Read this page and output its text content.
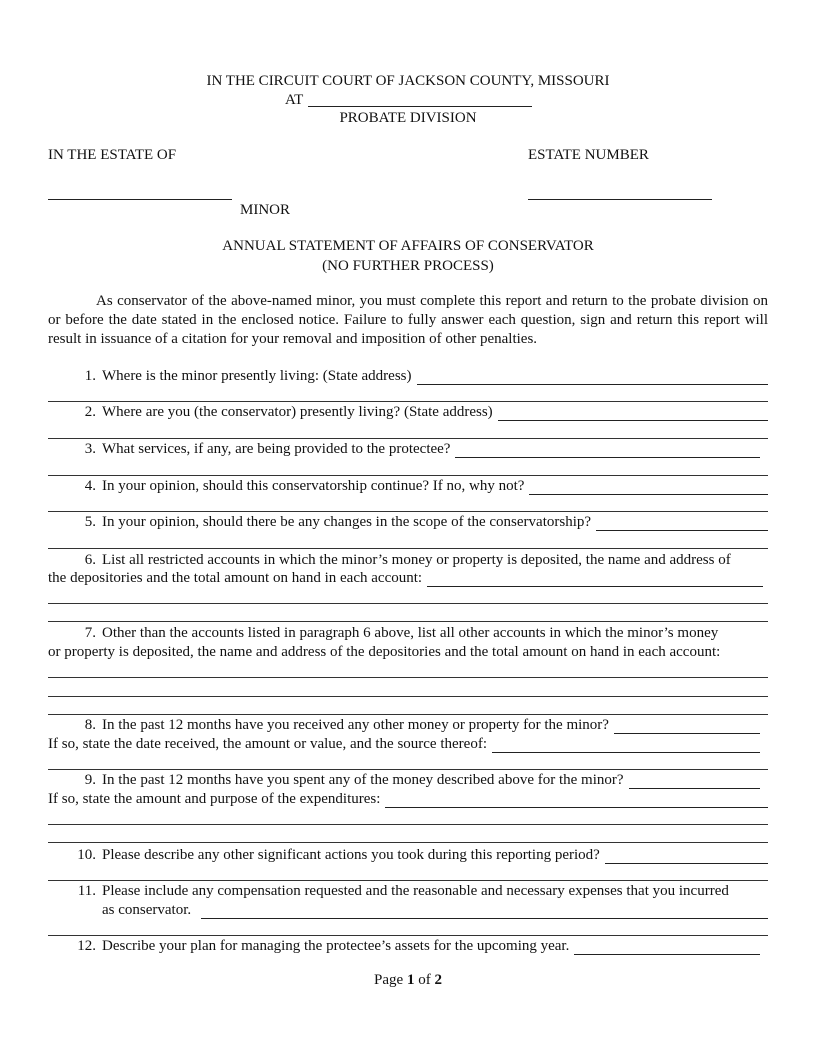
IN THE CIRCUIT COURT OF JACKSON COUNTY, MISSOURI
AT
PROBATE DIVISION
IN THE ESTATE OF	ESTATE NUMBER
MINOR
ANNUAL STATEMENT OF AFFAIRS OF CONSERVATOR
(NO FURTHER PROCESS)
As conservator of the above-named minor, you must complete this report and return to the probate division on or before the date stated in the enclosed notice. Failure to fully answer each question, sign and return this report will result in issuance of a citation for your removal and imposition of other penalties.
1. Where is the minor presently living: (State address)
2. Where are you (the conservator) presently living? (State address)
3. What services, if any, are being provided to the protectee?
4. In your opinion, should this conservatorship continue? If no, why not?
5. In your opinion, should there be any changes in the scope of the conservatorship?
6. List all restricted accounts in which the minor’s money or property is deposited, the name and address of
the depositories and the total amount on hand in each account:
7. Other than the accounts listed in paragraph 6 above, list all other accounts in which the minor’s money
or property is deposited, the name and address of the depositories and the total amount on hand in each account:
8. In the past 12 months have you received any other money or property for the minor?
If so, state the date received, the amount or value, and the source thereof:
9. In the past 12 months have you spent any of the money described above for the minor?
If so, state the amount and purpose of the expenditures:
10. Please describe any other significant actions you took during this reporting period?
11. Please include any compensation requested and the reasonable and necessary expenses that you incurred
as conservator.
12. Describe your plan for managing the protectee’s assets for the upcoming year.
Page 1 of 2
